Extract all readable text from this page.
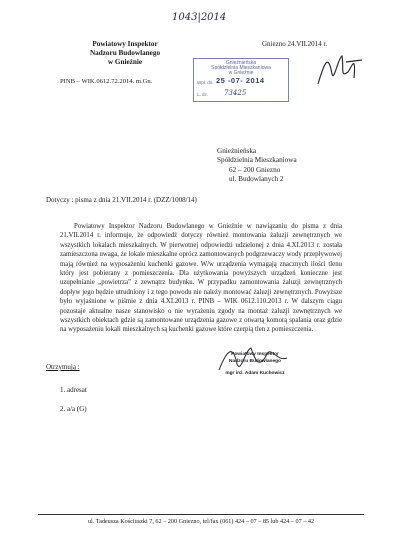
1043|2014
Powiatowy Inspektor
Nadzoru Budowlanego
w Gnieźnie
PINB – WIK.0612.72.2014. m.Gn.
Gniezno 24.VII.2014 r.
Gnieźnieńska
Spółdzielnia Mieszkaniowa
w Gnieźnie
Wpł. dn. 25 -07- 2014
L. dz. 73425
Gnieźnieńska
Spółdzielnia Mieszkaniowa
62 – 200 Gniezno
ul. Budowlanych 2
Dotyczy : pisma z dnia 21.VII.2014 r. (DZZ/1008/14)

Powiatowy Inspektor Nadzoru Budowlanego w Gnieźnie w nawiązaniu do pisma z dnia 21.VII.2014 r. informuje, że odpowiedź dotyczy również montowania żaluzji zewnętrznych we wszystkich lokalach mieszkalnych. W pierwotnej odpowiedzi udzielonej z dnia 4.XI.2013 r. została zamieszczona uwaga, że lokale mieszkalne oprócz zamontowanych podgrzewaczy wody przepływowej mają również na wyposażeniu kuchenki gazowe. W/w urządzenia wymagają znacznych ilości tlenu który jest pobierany z pomieszczenia. Dla użytkowania powyższych urządzeń konieczne jest uzupełnianie „powietrza” z zewnątrz budynku. W przypadku zamontowania żaluzji zewnętrznych dopływ jego będzie utrudniony i z tego powodu nie należy montować żaluzji zewnętrznych. Powyższe było wyjaśnione w piśmie z dnia 4.XI.2013 r. PINB – WIK 0612.110.2013 r. W dalszym ciągu pozostaje aktualne nasze stanowisko o nie wyrażeniu zgody na montaż żaluzji zewnętrznych we wszystkich obiektach gdzie są zamontowane urządzenia gazowe z otwartą komorą spalania oraz gdzie na wyposażeniu lokali mieszkalnych są kuchenki gazowe które czerpią tlen z pomieszczenia.

Powiatowy Inspektor
Nadzoru Budowlanego
mgr inż. Adam Kuchowicz
Otrzymują :
1. adresat
2. a/a (G)
ul. Tadeusza Kościuszki 7, 62 – 200 Gniezno, tel/fax (061) 424 – 07 – 85 lub 424 – 07 – 42
